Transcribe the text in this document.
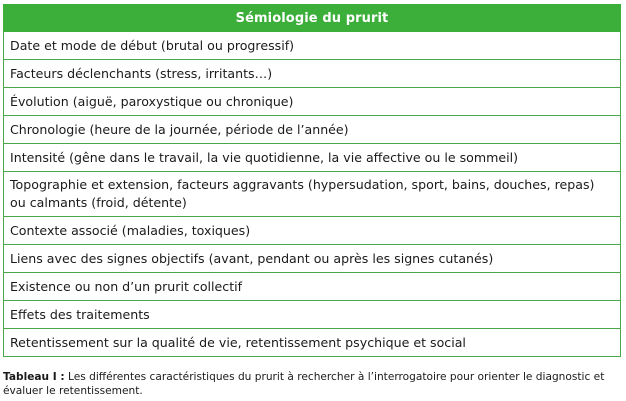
Sémiologie du prurit
Date et mode de début (brutal ou progressif)
Facteurs déclenchants (stress, irritants…)
Évolution (aiguë, paroxystique ou chronique)
Chronologie (heure de la journée, période de l’année)
Intensité (gêne dans le travail, la vie quotidienne, la vie affective ou le sommeil)
Topographie et extension, facteurs aggravants (hypersudation, sport, bains, douches, repas) ou calmants (froid, détente)
Contexte associé (maladies, toxiques)
Liens avec des signes objectifs (avant, pendant ou après les signes cutanés)
Existence ou non d’un prurit collectif
Effets des traitements
Retentissement sur la qualité de vie, retentissement psychique et social
Tableau I : Les différentes caractéristiques du prurit à rechercher à l’interrogatoire pour orienter le diagnostic et évaluer le retentissement.
